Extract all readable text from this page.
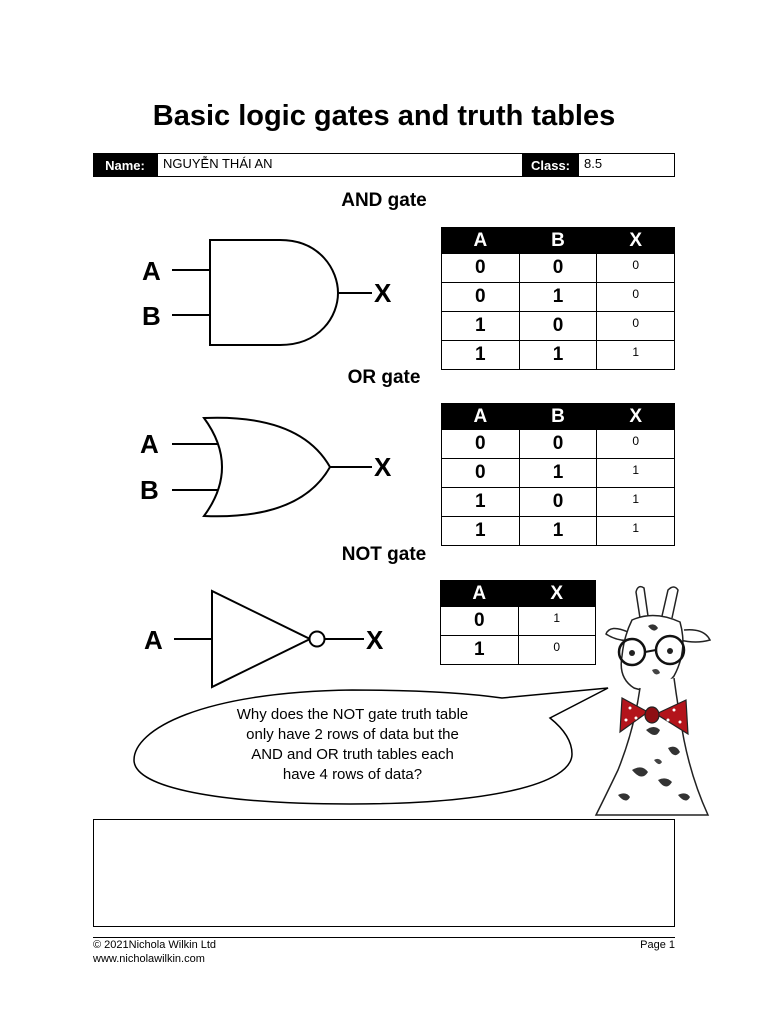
Basic logic gates and truth tables
Name:	NGUYỄN THÁI AN	Class:	8.5
AND gate
A
B
X
A	B	X
0	0	0
0	1	0
1	0	0
1	1	1
OR gate
A
B
X
A	B	X
0	0	0
0	1	1
1	0	1
1	1	1
NOT gate
A	X
A	X
0	1
1	0
Why does the NOT gate truth table
only have 2 rows of data but the
AND and OR truth tables each
have 4 rows of data?
© 2021Nichola Wilkin Ltd
www.nicholawilkin.com
Page 1
